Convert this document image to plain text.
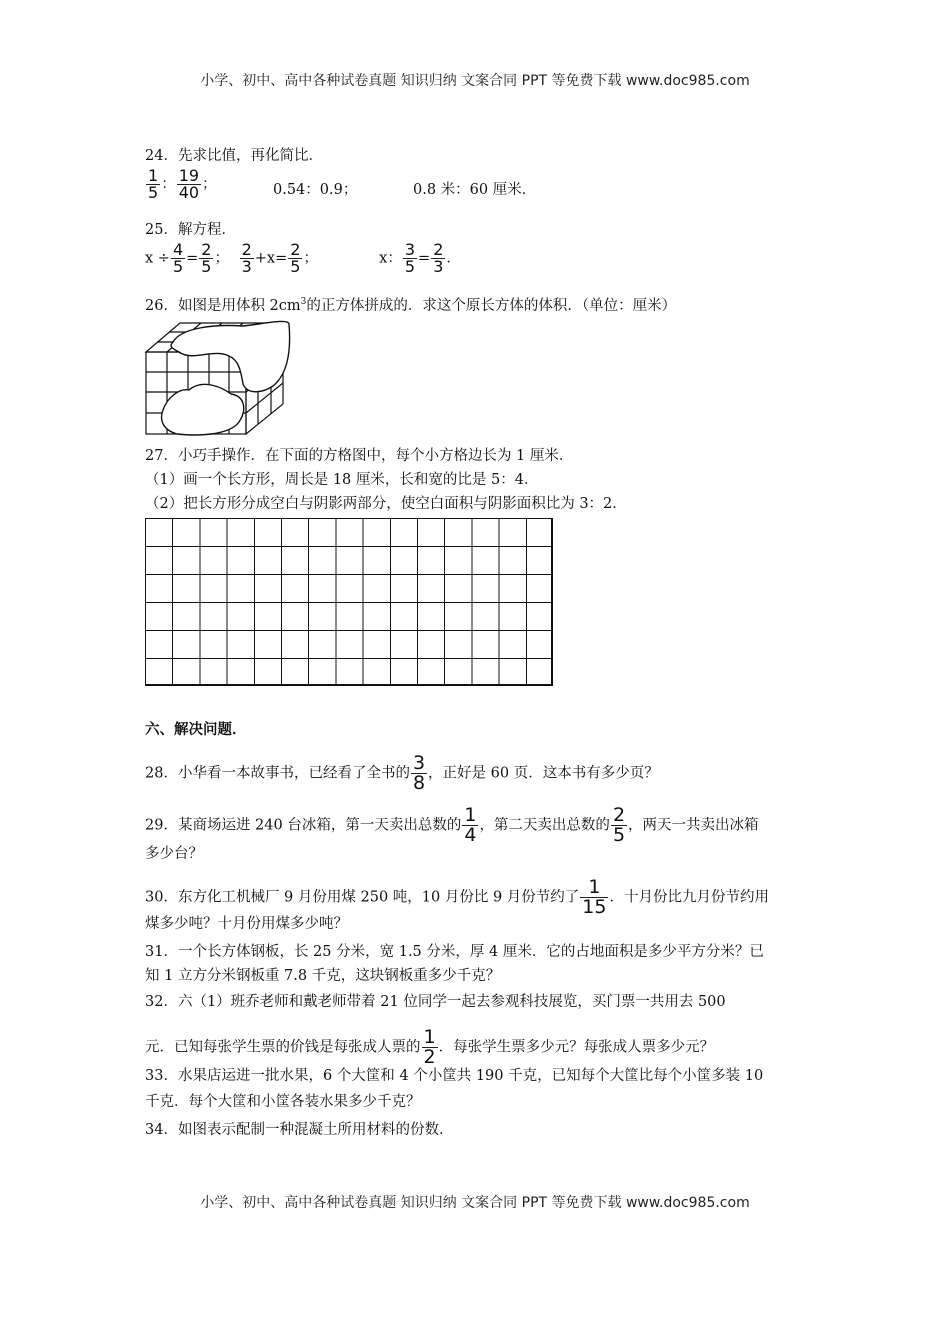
小学、初中、高中各种试卷真题 知识归纳 文案合同 PPT 等免费下载 www.doc985.com
24．先求比值，再化简比．
$\frac{1}{5}$ ： $\frac{19}{40}$ ；	0.54：0.9；	0.8 米：60 厘米．
25．解方程．
$x \div \frac{4}{5} = \frac{2}{5}$ ； $\frac{2}{3} +x= \frac{2}{5}$ ；	x： $\frac{3}{5} = \frac{2}{3}$ ．
26．如图是用体积 $2cm^3$的正方体拼成的．求这个原长方体的体积．（单位：厘米）
27．小巧手操作．在下面的方格图中，每个小方格边长为 1 厘米．
（1）画一个长方形，周长是 18 厘米，长和宽的比是 5：4．
（2）把长方形分成空白与阴影两部分，使空白面积与阴影面积比为 3：2．
六、解决问题．
28．小华看一本故事书，已经看了全书的 $\frac{3}{8}$ ，正好是 60 页．这本书有多少页？
29．某商场运进 240 台冰箱，第一天卖出总数的 $\frac{1}{4}$ ，第二天卖出总数的 $\frac{2}{5}$ ，两天一共卖出冰箱
多少台？
30．东方化工机械厂 9 月份用煤 250 吨，10 月份比 9 月份节约了 $\frac{1}{15}$ ．十月份比九月份节约用
煤多少吨？十月份用煤多少吨？
31．一个长方体钢板，长 25 分米，宽 1.5 分米，厚 4 厘米．它的占地面积是多少平方分米？已
知 1 立方分米钢板重 7.8 千克，这块钢板重多少千克？
32．六（1）班乔老师和戴老师带着 21 位同学一起去参观科技展览，买门票一共用去 500
元．已知每张学生票的价钱是每张成人票的 $\frac{1}{2}$ ．每张学生票多少元？每张成人票多少元？
33．水果店运进一批水果，6 个大筐和 4 个小筐共 190 千克，已知每个大筐比每个小筐多装 10
千克．每个大筐和小筐各装水果多少千克？
34．如图表示配制一种混凝土所用材料的份数．
小学、初中、高中各种试卷真题 知识归纳 文案合同 PPT 等免费下载 www.doc985.com
